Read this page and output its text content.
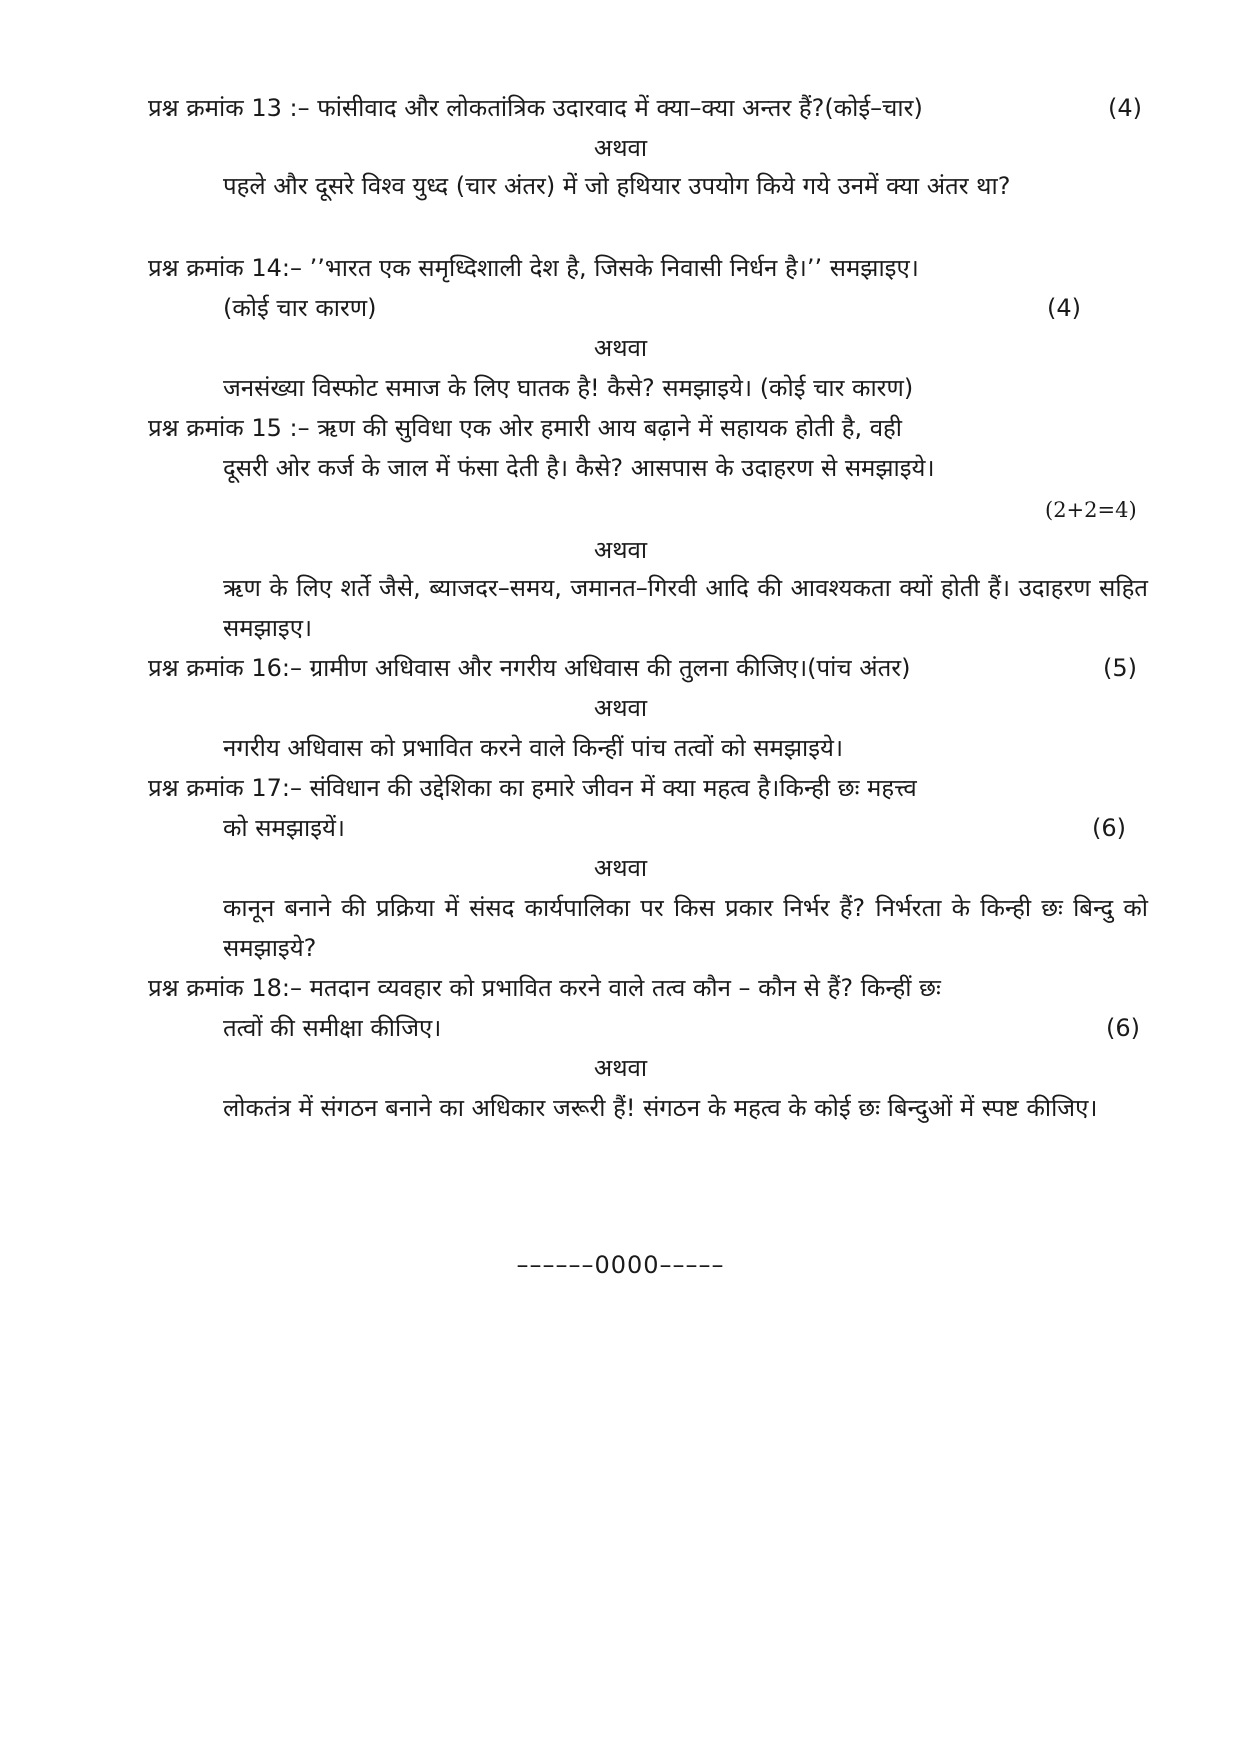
प्रश्न क्रमांक 13 :– फांसीवाद और लोकतांत्रिक उदारवाद में क्या–क्या अन्तर हैं?(कोई–चार)	(4)
अथवा
पहले और दूसरे विश्व युध्द (चार अंतर) में जो हथियार उपयोग किये गये उनमें क्या अंतर था?
प्रश्न क्रमांक 14:– ’’भारत एक समृध्दिशाली देश है, जिसके निवासी निर्धन है।’’ समझाइए।
(कोई चार कारण)	(4)
अथवा
जनसंख्या विस्फोट समाज के लिए घातक है! कैसे? समझाइये। (कोई चार कारण)
प्रश्न क्रमांक 15 :– ऋण की सुविधा एक ओर हमारी आय बढ़ाने में सहायक होती है, वही
दूसरी ओर कर्ज के जाल में फंसा देती है। कैसे? आसपास के उदाहरण से समझाइये।
(2+2=4)
अथवा
ऋण के लिए शर्ते जैसे, ब्याजदर–समय, जमानत–गिरवी आदि की आवश्यकता क्यों होती हैं। उदाहरण सहित समझाइए।
प्रश्न क्रमांक 16:– ग्रामीण अधिवास और नगरीय अधिवास की तुलना कीजिए।(पांच अंतर)	(5)
अथवा
नगरीय अधिवास को प्रभावित करने वाले किन्हीं पांच तत्वों को समझाइये।
प्रश्न क्रमांक 17:– संविधान की उद्देशिका का हमारे जीवन में क्या महत्व है।किन्ही छः महत्त्व
को समझाइयें।	(6)
अथवा
कानून बनाने की प्रक्रिया में संसद कार्यपालिका पर किस प्रकार निर्भर हैं? निर्भरता के किन्ही छः बिन्दु को समझाइये?
प्रश्न क्रमांक 18:– मतदान व्यवहार को प्रभावित करने वाले तत्व कौन – कौन से हैं? किन्हीं छः
तत्वों की समीक्षा कीजिए।	(6)
अथवा
लोकतंत्र में संगठन बनाने का अधिकार जरूरी हैं! संगठन के महत्व के कोई छः बिन्दुओं में स्पष्ट कीजिए।
––––––0000–––––
